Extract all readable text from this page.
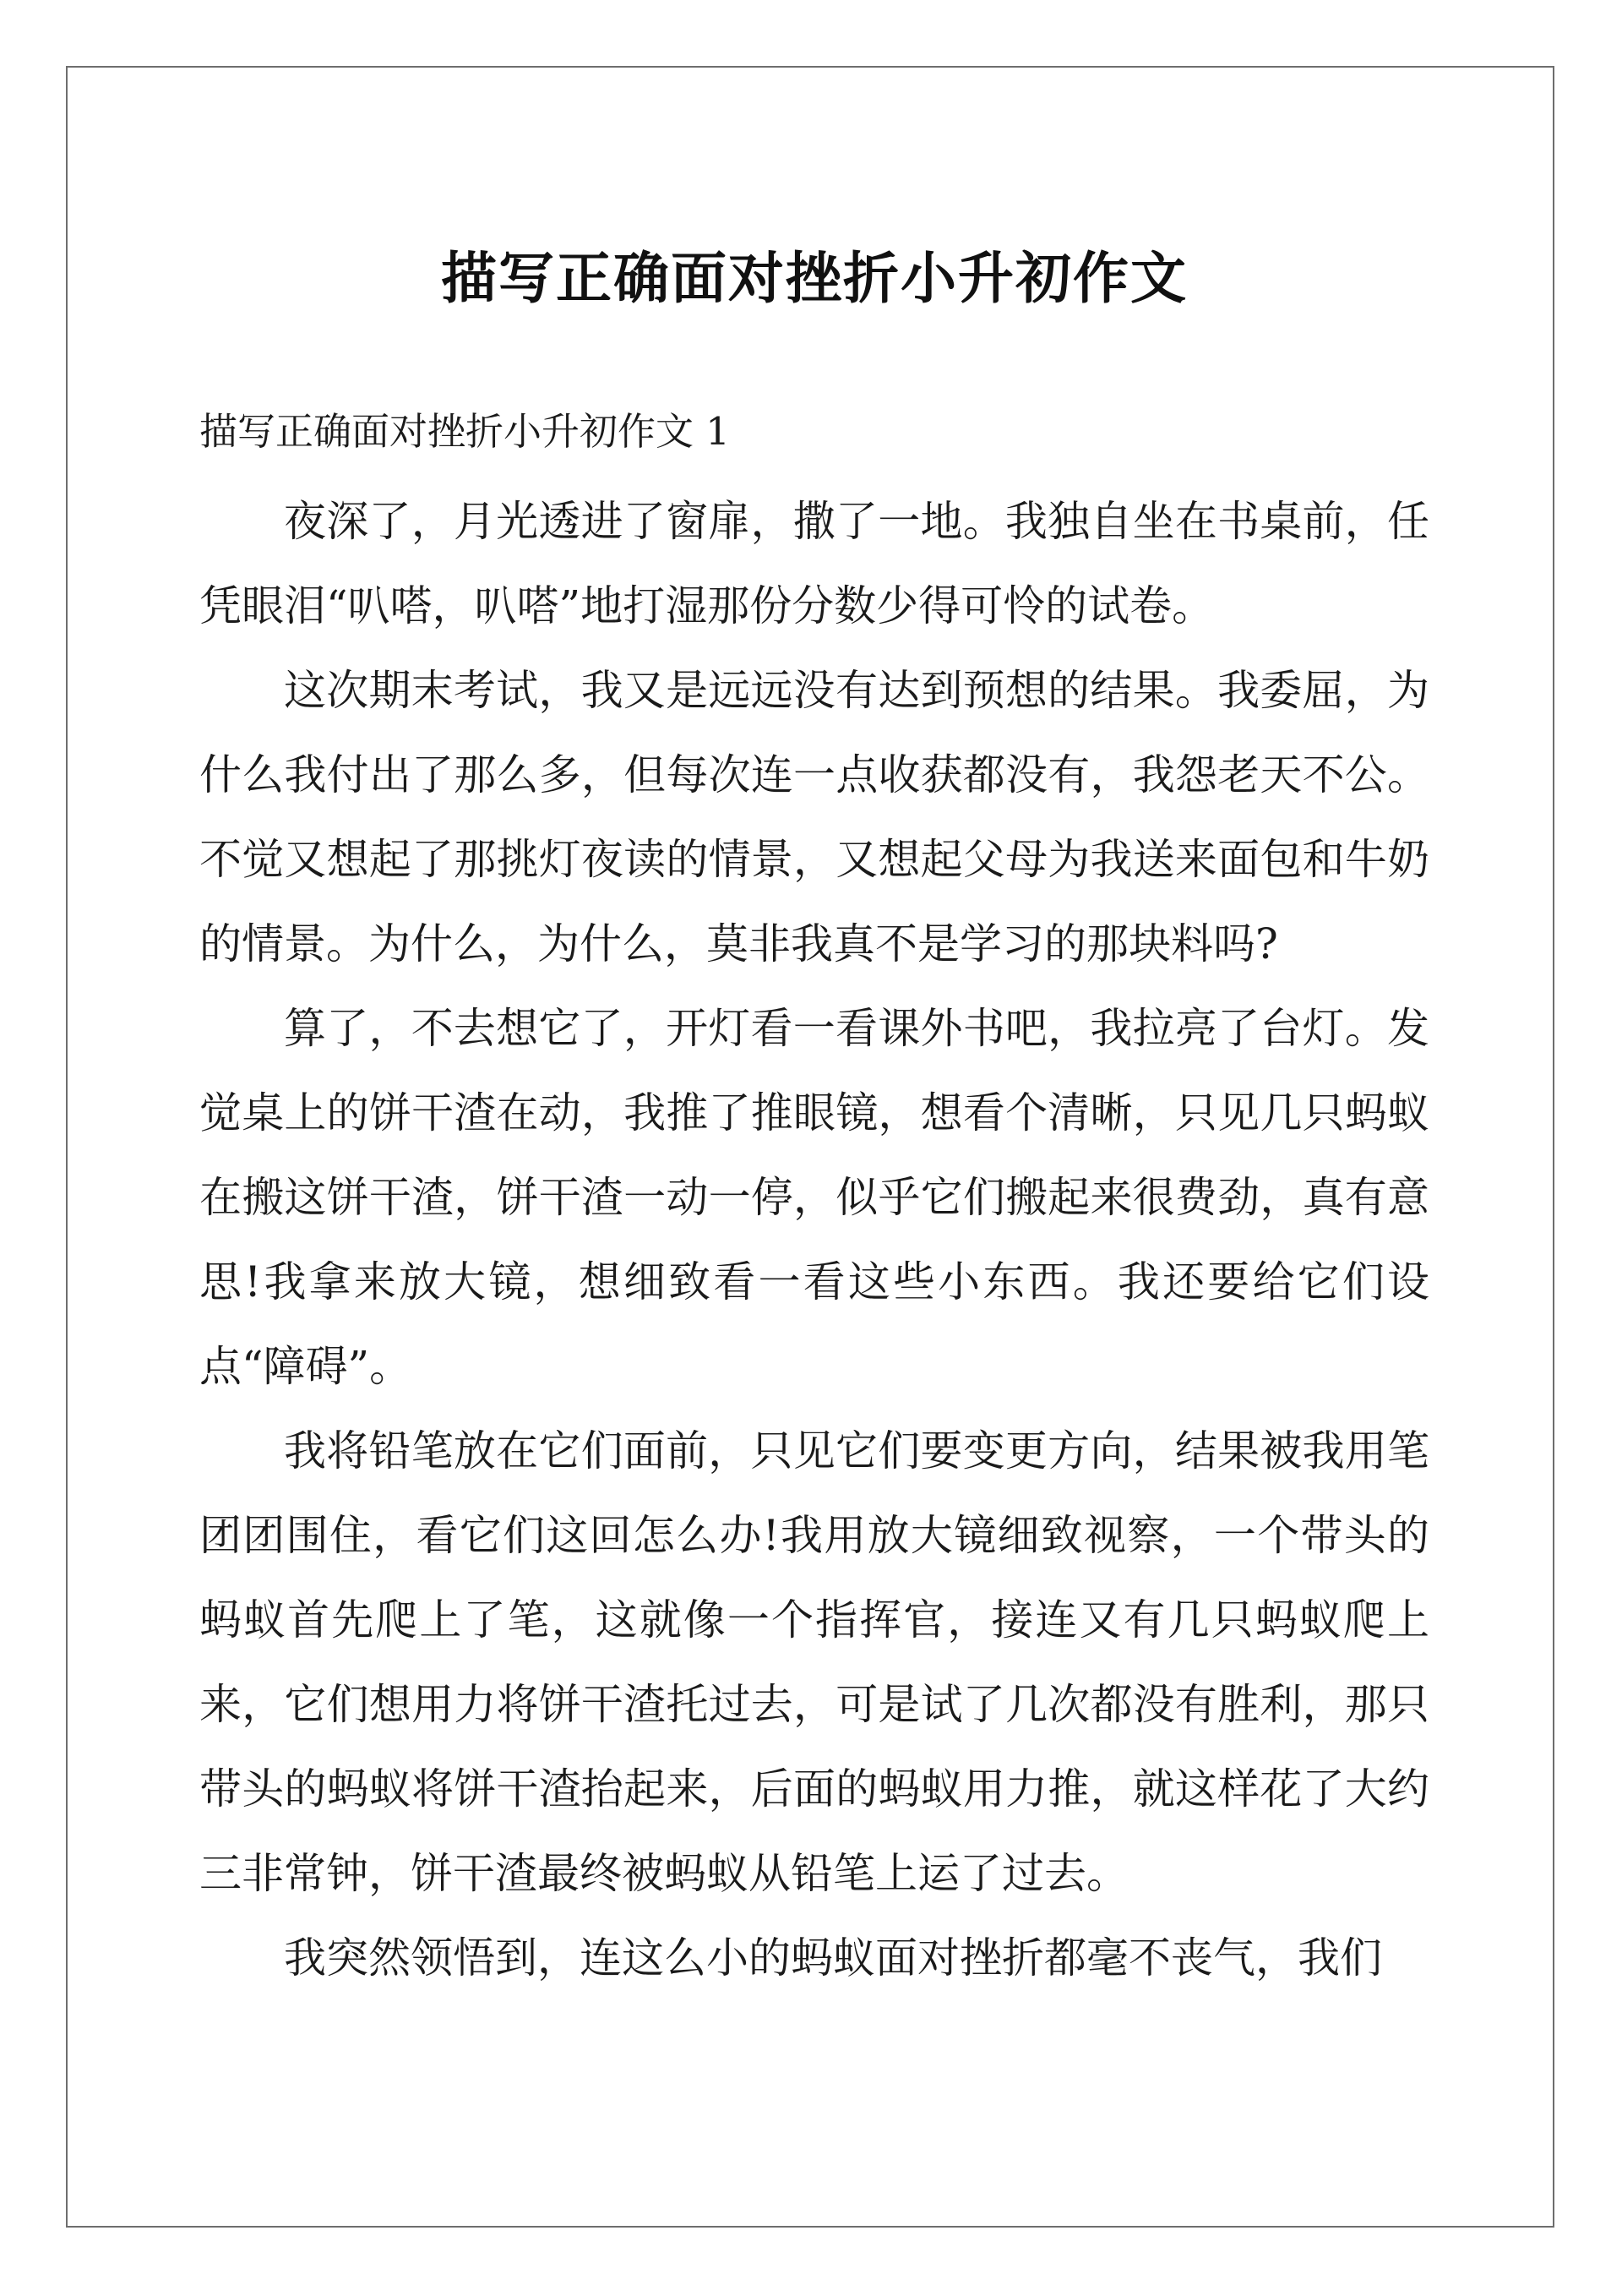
描写正确面对挫折小升初作文

描写正确面对挫折小升初作文 1

夜深了，月光透进了窗扉，撒了一地。我独自坐在书桌前，任凭眼泪“叭嗒，叭嗒”地打湿那份分数少得可怜的试卷。

这次期末考试，我又是远远没有达到预想的结果。我委屈，为什么我付出了那么多，但每次连一点收获都没有，我怨老天不公。不觉又想起了那挑灯夜读的情景，又想起父母为我送来面包和牛奶的情景。为什么，为什么，莫非我真不是学习的那块料吗?

算了，不去想它了，开灯看一看课外书吧，我拉亮了台灯。发觉桌上的饼干渣在动，我推了推眼镜，想看个清晰，只见几只蚂蚁在搬这饼干渣，饼干渣一动一停，似乎它们搬起来很费劲，真有意思!我拿来放大镜，想细致看一看这些小东西。我还要给它们设点“障碍”。

我将铅笔放在它们面前，只见它们要变更方向，结果被我用笔团团围住，看它们这回怎么办!我用放大镜细致视察，一个带头的蚂蚁首先爬上了笔，这就像一个指挥官，接连又有几只蚂蚁爬上来，它们想用力将饼干渣托过去，可是试了几次都没有胜利，那只带头的蚂蚁将饼干渣抬起来，后面的蚂蚁用力推，就这样花了大约三非常钟，饼干渣最终被蚂蚁从铅笔上运了过去。

我突然领悟到，连这么小的蚂蚁面对挫折都毫不丧气，我们
